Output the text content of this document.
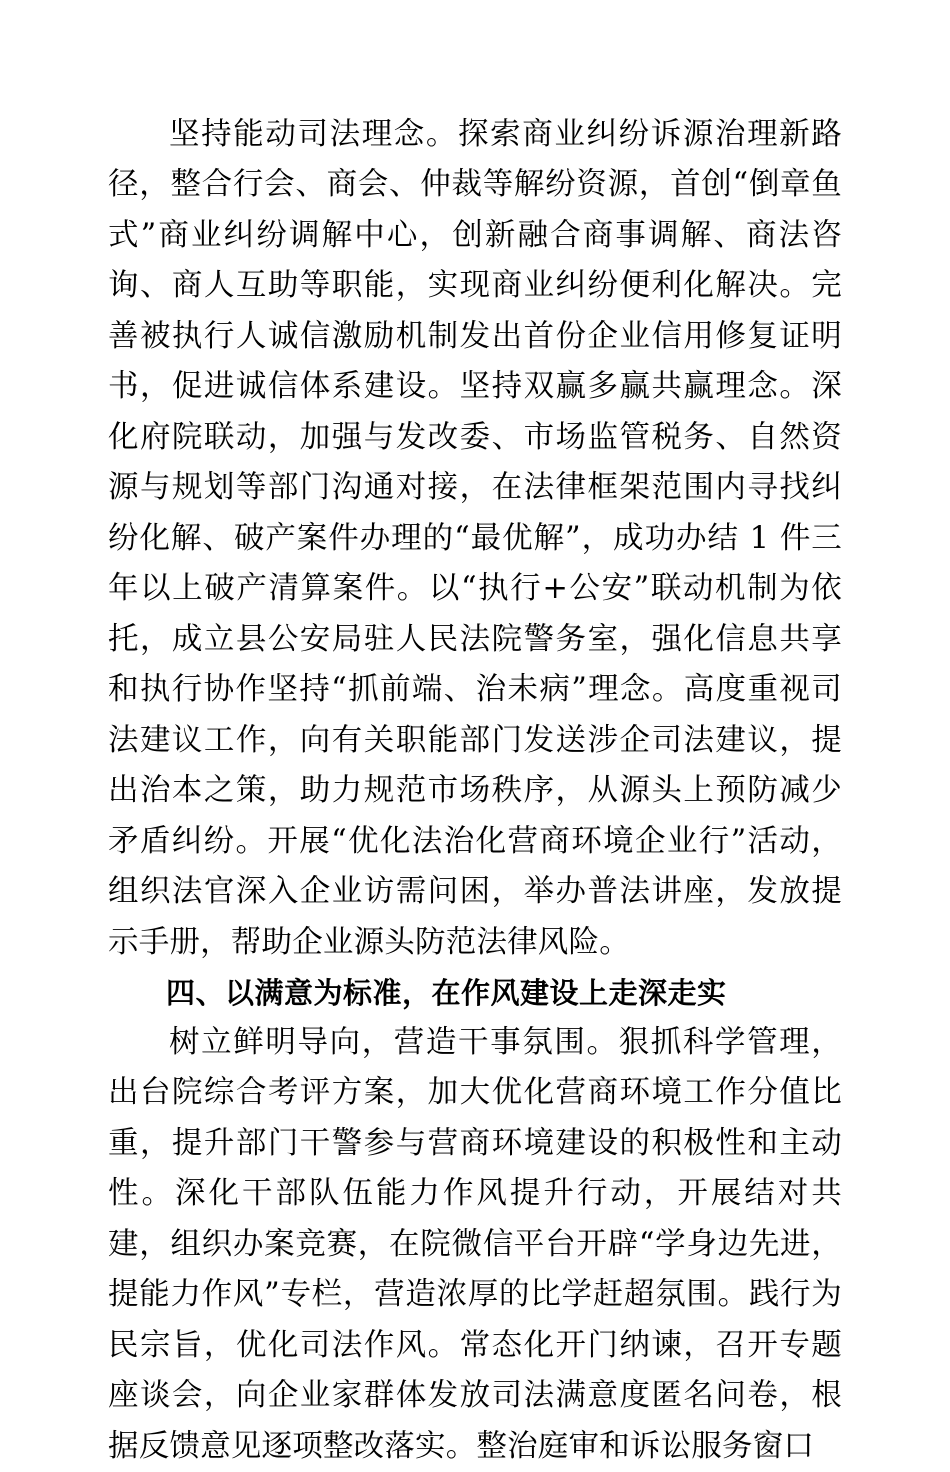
坚持能动司法理念。探索商业纠纷诉源治理新路径，整合行会、商会、仲裁等解纷资源，首创“倒章鱼式”商业纠纷调解中心，创新融合商事调解、商法咨询、商人互助等职能，实现商业纠纷便利化解决。完善被执行人诚信激励机制发出首份企业信用修复证明书，促进诚信体系建设。坚持双赢多赢共赢理念。深化府院联动，加强与发改委、市场监管税务、自然资源与规划等部门沟通对接，在法律框架范围内寻找纠纷化解、破产案件办理的“最优解”，成功办结 1 件三年以上破产清算案件。以“执行+公安”联动机制为依托，成立县公安局驻人民法院警务室，强化信息共享和执行协作坚持“抓前端、治未病”理念。高度重视司法建议工作，向有关职能部门发送涉企司法建议，提出治本之策，助力规范市场秩序，从源头上预防减少矛盾纠纷。开展“优化法治化营商环境企业行”活动，组织法官深入企业访需问困，举办普法讲座，发放提示手册，帮助企业源头防范法律风险。

四、以满意为标准，在作风建设上走深走实

树立鲜明导向，营造干事氛围。狠抓科学管理，出台院综合考评方案，加大优化营商环境工作分值比重，提升部门干警参与营商环境建设的积极性和主动性。深化干部队伍能力作风提升行动，开展结对共建，组织办案竞赛，在院微信平台开辟“学身边先进，提能力作风”专栏，营造浓厚的比学赶超氛围。践行为民宗旨，优化司法作风。常态化开门纳谏，召开专题座谈会，向企业家群体发放司法满意度匿名问卷，根据反馈意见逐项整改落实。整治庭审和诉讼服务窗口
